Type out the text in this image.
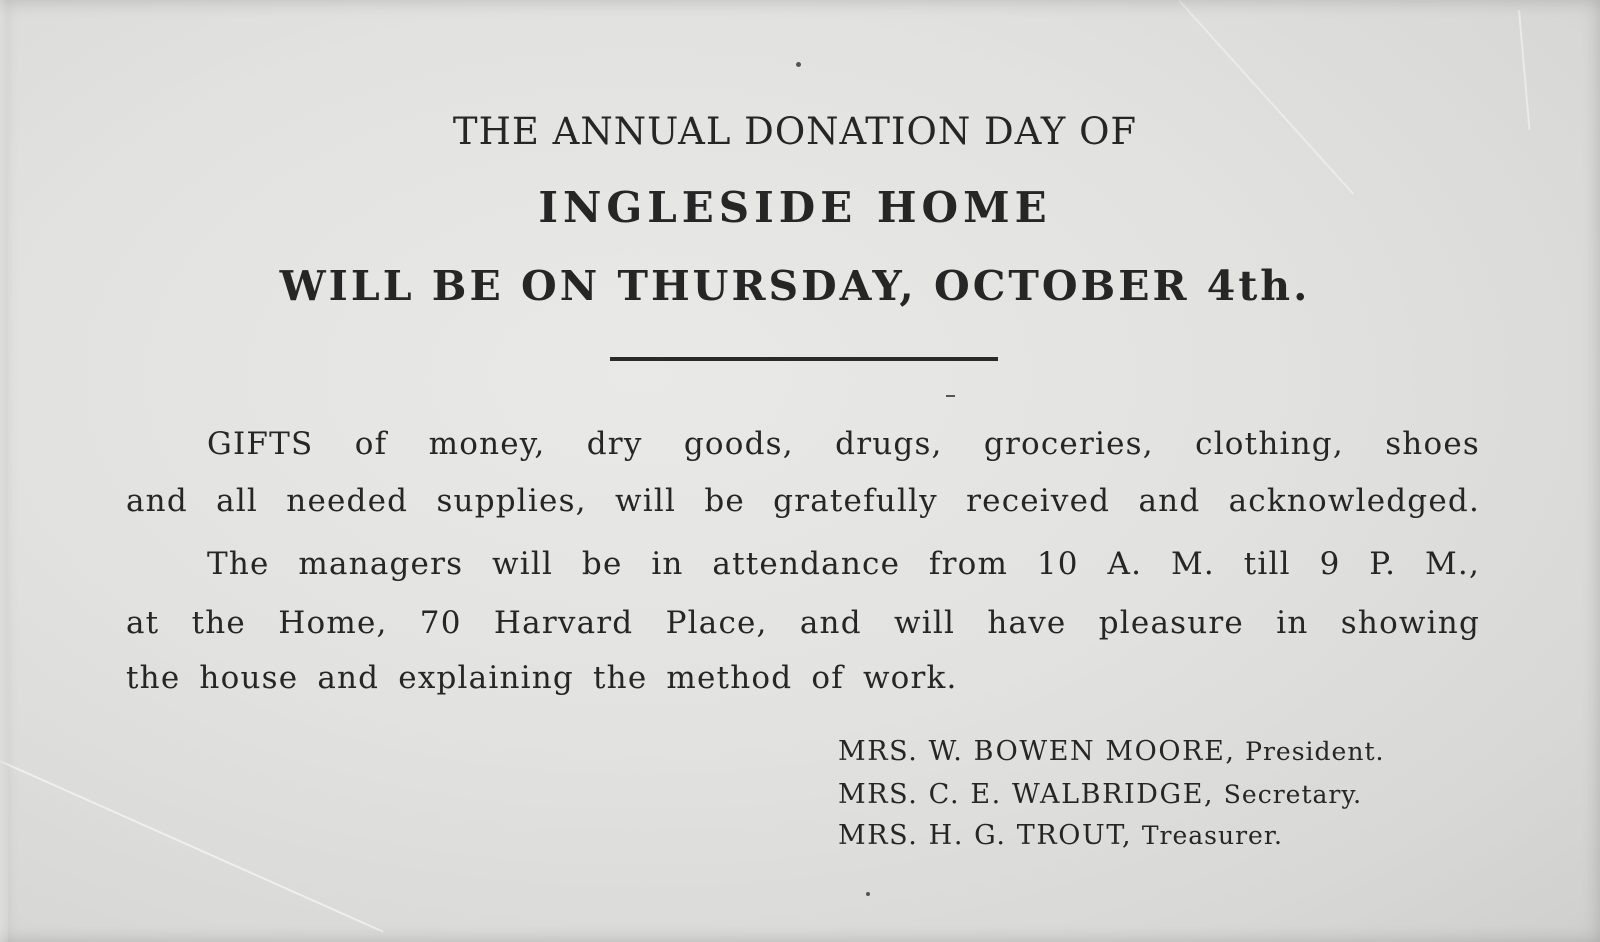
THE ANNUAL DONATION DAY OF
INGLESIDE HOME
WILL BE ON THURSDAY, OCTOBER 4th.
GIFTS of money, dry goods, drugs, groceries, clothing, shoes
and all needed supplies, will be gratefully received and acknowledged.
The managers will be in attendance from 10 A. M. till 9 P. M.,
at the Home, 70 Harvard Place, and will have pleasure in showing
the house and explaining the method of work.
MRS. W. BOWEN MOORE, President.
MRS. C. E. WALBRIDGE, Secretary.
MRS. H. G. TROUT, Treasurer.
